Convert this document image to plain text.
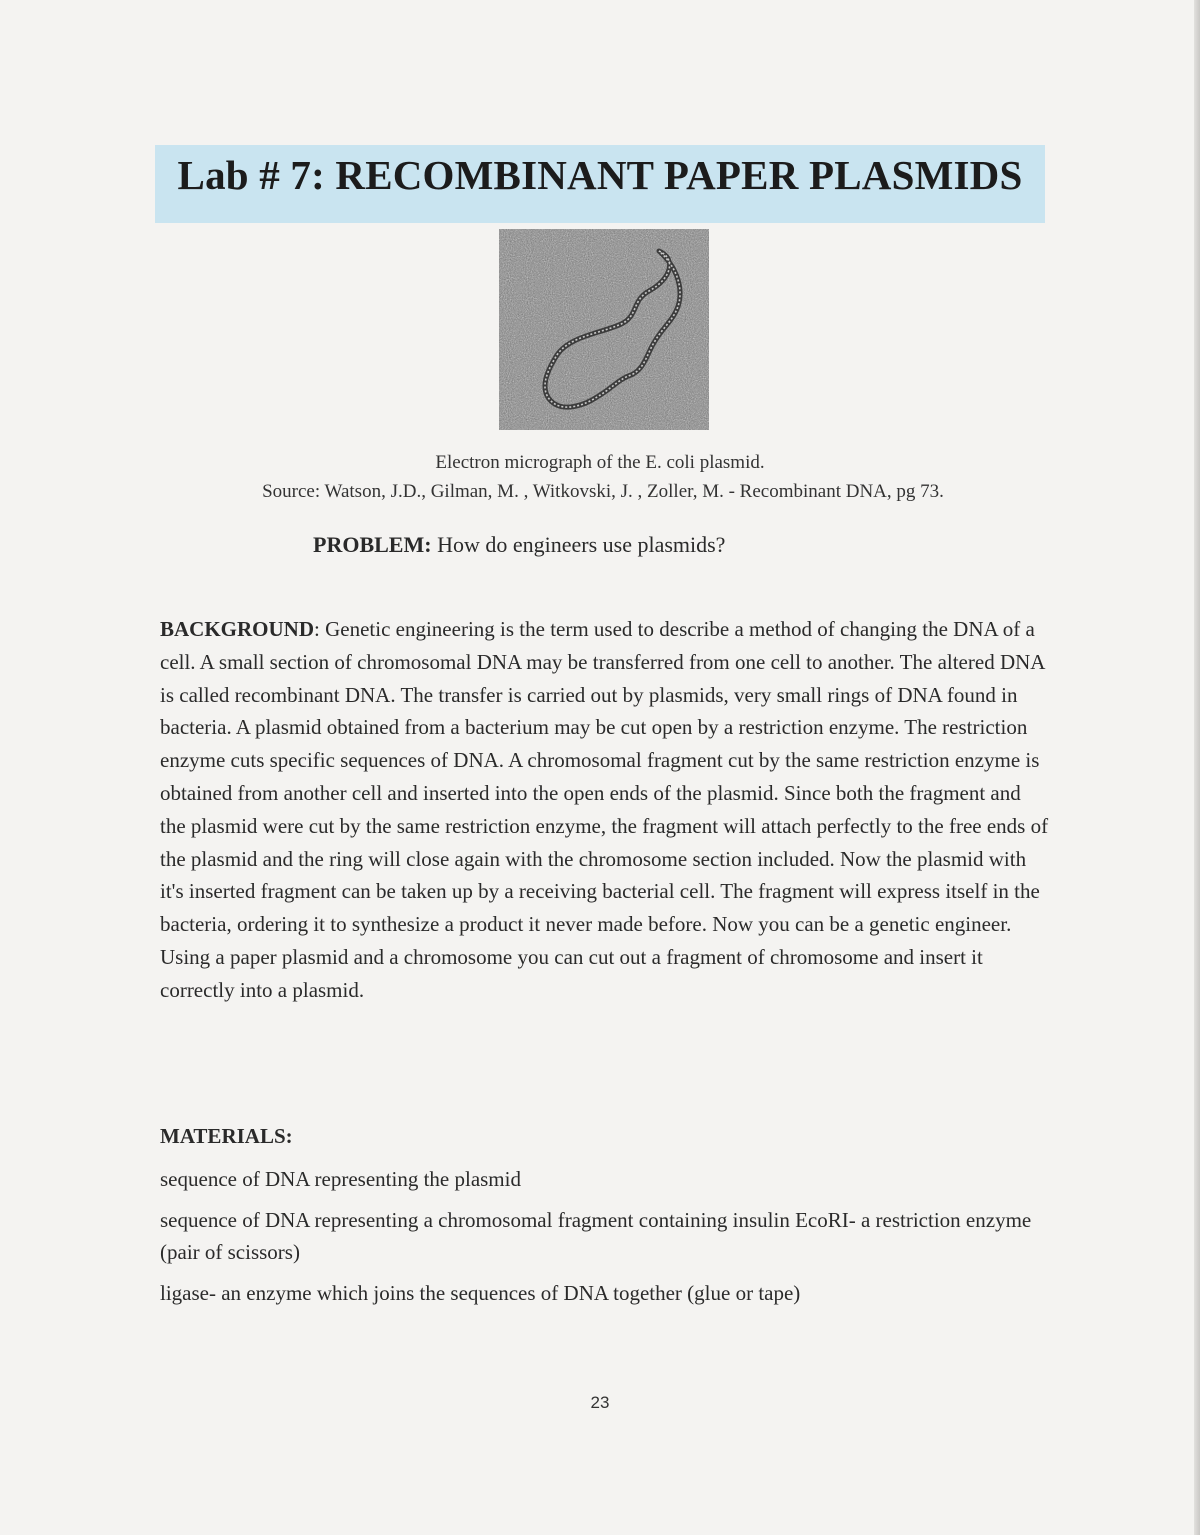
Lab # 7: RECOMBINANT PAPER PLASMIDS
Electron micrograph of the E. coli plasmid.
Source: Watson, J.D., Gilman, M. , Witkovski, J. , Zoller, M. - Recombinant DNA, pg 73.
PROBLEM: How do engineers use plasmids?
BACKGROUND: Genetic engineering is the term used to describe a method of changing the DNA of a cell. A small section of chromosomal DNA may be transferred from one cell to another. The altered DNA is called recombinant DNA. The transfer is carried out by plasmids, very small rings of DNA found in bacteria. A plasmid obtained from a bacterium may be cut open by a restriction enzyme. The restriction enzyme cuts specific sequences of DNA. A chromosomal fragment cut by the same restriction enzyme is obtained from another cell and inserted into the open ends of the plasmid. Since both the fragment and the plasmid were cut by the same restriction enzyme, the fragment will attach perfectly to the free ends of the plasmid and the ring will close again with the chromosome section included. Now the plasmid with it's inserted fragment can be taken up by a receiving bacterial cell. The fragment will express itself in the bacteria, ordering it to synthesize a product it never made before. Now you can be a genetic engineer. Using a paper plasmid and a chromosome you can cut out a fragment of chromosome and insert it correctly into a plasmid.
MATERIALS:
sequence of DNA representing the plasmid
sequence of DNA representing a chromosomal fragment containing insulin EcoRI- a restriction enzyme (pair of scissors)
ligase- an enzyme which joins the sequences of DNA together (glue or tape)
23
